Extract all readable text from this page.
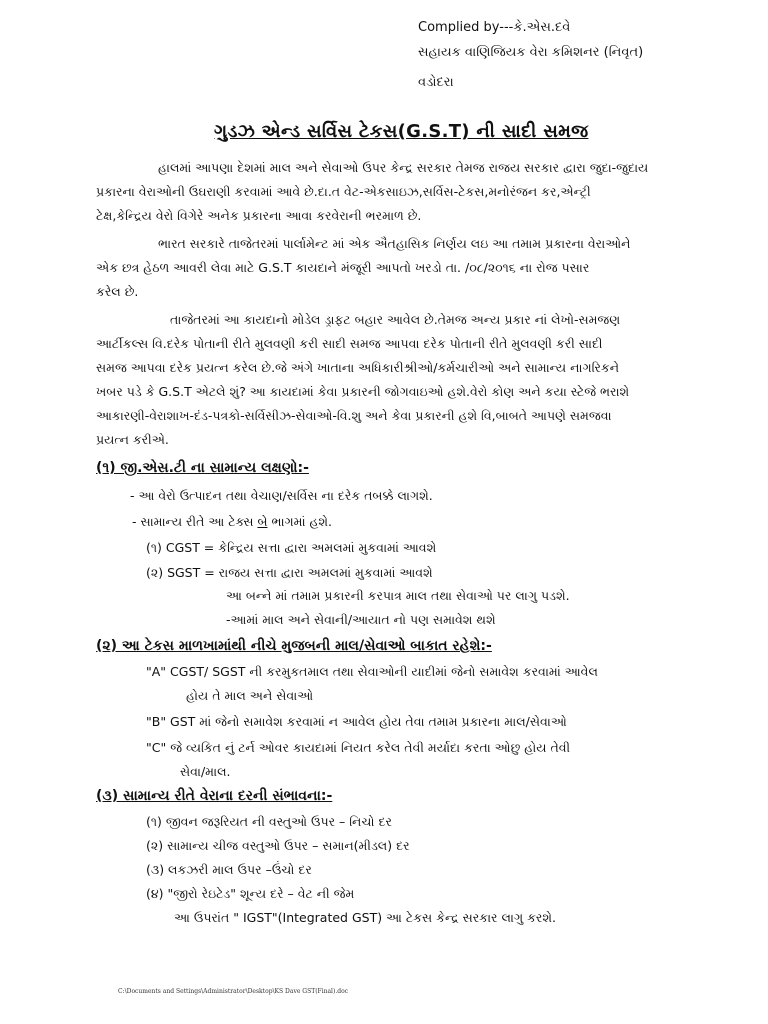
Complied by---કે.એસ.દવે
સહાયક વાણિજિયક વેરા કમિશનર (નિવૃત)
વડોદરા
ગુડઝ એન્ડ સર્વિસ ટેકસ(G.S.T) ની સાદી સમજ
હાલમાં આપણા દેશમાં માલ અને સેવાઓ ઉપર કેન્દ્ર સરકાર તેમજ રાજય સરકાર દ્વારા જુદા-જુદાય
પ્રકારના વેરાઓની ઉઘરાણી કરવામાં આવે છે.દા.ત વેટ-એકસાઇઝ,સર્વિસ-ટેકસ,મનોરંજન કર,એન્ટ્રી
ટેક્ષ,કેન્દ્રિય વેરો વિગેરે અનેક પ્રકારના આવા કરવેરાની ભરમાળ છે.
ભારત સરકારે તાજેતરમાં પાર્લામેન્ટ માં એક ઐતહાસિક નિર્ણય લઇ આ તમામ પ્રકારના વેરાઓને
એક છત્ર હેઠળ આવરી લેવા માટે G.S.T કાયદાને મંજૂરી આપતો ખરડો તા. /૦૮/૨૦૧૬ ના રોજ પસાર
કરેલ છે.
તાજેતરમાં આ કાયદાનો મોડેલ ડ્રાફટ બહાર આવેલ છે.તેમજ અન્ય પ્રકાર નાં લેખો-સમજણ
આર્ટીકલ્સ વિ.દરેક પોતાની રીતે મુલવણી કરી સાદી સમજ આપવા દરેક પોતાની રીતે મુલવણી કરી સાદી
સમજ આપવા દરેક પ્રયત્ન કરેલ છે.જે અંગે ખાતાના અધિકારીશ્રીઓ/કર્મચારીઓ અને સામાન્ય નાગરિકને
ખબર પડે કે G.S.T એટલે શું? આ કાયદામાં કેવા પ્રકારની જોગવાઇઓ હશે.વેરો કોણ અને કયા સ્ટેજે ભરાશે
આકારણી-વેરાશાખ-દંડ-પત્રકો-સર્વિસીઝ-સેવાઓ-વિ.શુ અને કેવા પ્રકારની હશે વિ,બાબતે આપણે સમજવા
પ્રયત્ન કરીએ.
(૧) જી.એસ.ટી ના સામાન્ય લક્ષણો:-
- આ વેરો ઉત્પાદન તથા વેચાણ/સર્વિસ ના દરેક તબક્કે લાગશે.
- સામાન્ય રીતે આ ટેક્સ બે ભાગમાં હશે.
(૧) CGST = કેન્દ્રિય સત્તા દ્વારા અમલમાં મુકવામાં આવશે
(૨) SGST = રાજય સત્તા દ્વારા અમલમાં મુકવામાં આવશે
આ બન્ને માં તમામ પ્રકારની કરપાત્ર માલ તથા સેવાઓ પર લાગુ પડશે.
-આમાં માલ અને સેવાની/આયાત નો પણ સમાવેશ થશે
(૨) આ ટેકસ માળખામાંથી નીચે મુજબની માલ/સેવાઓ બાકાત રહેશે:-
"A" CGST/ SGST ની કરમુકતમાલ તથા સેવાઓની યાદીમાં જેનો સમાવેશ કરવામાં આવેલ
હોય તે માલ અને સેવાઓ
"B" GST માં જેનો સમાવેશ કરવામાં ન આવેલ હોય તેવા તમામ પ્રકારના માલ/સેવાઓ
"C" જે વ્યકિત નું ટર્ન ઓવર કાયદામાં નિયત કરેલ તેવી મર્યાદા કરતા ઓછુ હોય તેવી
સેવા/માલ.
(૩) સામાન્ય રીતે વેરાના દરની સંભાવના:-
(૧) જીવન જરૂરિયત ની વસ્તુઓ ઉપર – નિચો દર
(૨) સામાન્ય ચીજ વસ્તુઓ ઉપર – સમાન(મીડલ) દર
(૩) લકઝરી માલ ઉપર –ઉંચો દર
(૪) "જીરો રેઇટેડ" શૂન્ય દરે – વેટ ની જેમ
આ ઉપરાંત " IGST"(Integrated GST) આ ટેકસ કેન્દ્ર સરકાર લાગુ કરશે.
C:\Documents and Settings\Administrator\Desktop\KS Dave GST(Final).doc
